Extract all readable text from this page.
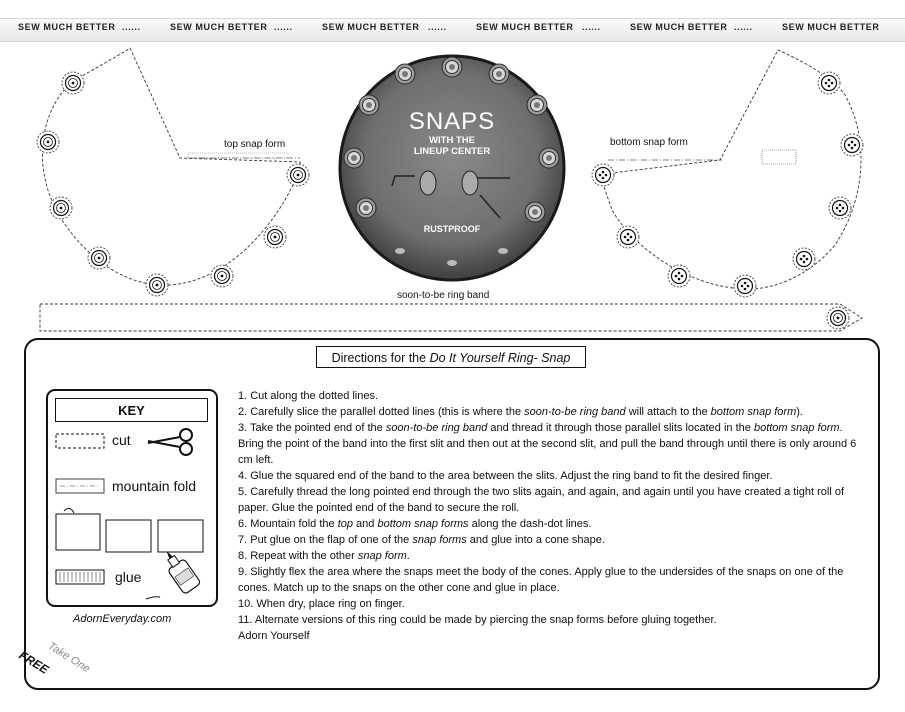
SEW MUCH BETTER ......	SEW MUCH BETTER ......	SEW MUCH BETTER ......	SEW MUCH BETTER ......	SEW MUCH BETTER ......	SEW MUCH BETTER
SNAPS
WITH THE
LINEUP CENTER
RUSTPROOF
top snap form	bottom snap form
soon-to-be ring band
Directions for the Do It Yourself Ring- Snap
KEY
cut
mountain fold
glue
AdornEveryday.com
FREE
Take One
1. Cut along the dotted lines.
2. Carefully slice the parallel dotted lines (this is where the soon-to-be ring band will attach to the bottom snap form).
3. Take the pointed end of the soon-to-be ring band and thread it through those parallel slits located in the bottom snap form. Bring the point of the band into the first slit and then out at the second slit, and pull the band through until there is only around 6 cm left.
4. Glue the squared end of the band to the area between the slits. Adjust the ring band to fit the desired finger.
5. Carefully thread the long pointed end through the two slits again, and again, and again until you have created a tight roll of paper. Glue the pointed end of the band to secure the roll.
6. Mountain fold the top and bottom snap forms along the dash-dot lines.
7. Put glue on the flap of one of the snap forms and glue into a cone shape.
8. Repeat with the other snap form.
9. Slightly flex the area where the snaps meet the body of the cones. Apply glue to the undersides of the snaps on one of the cones. Match up to the snaps on the other cone and glue in place.
10. When dry, place ring on finger.
11. Alternate versions of this ring could be made by piercing the snap forms before gluing together.
Adorn Yourself
